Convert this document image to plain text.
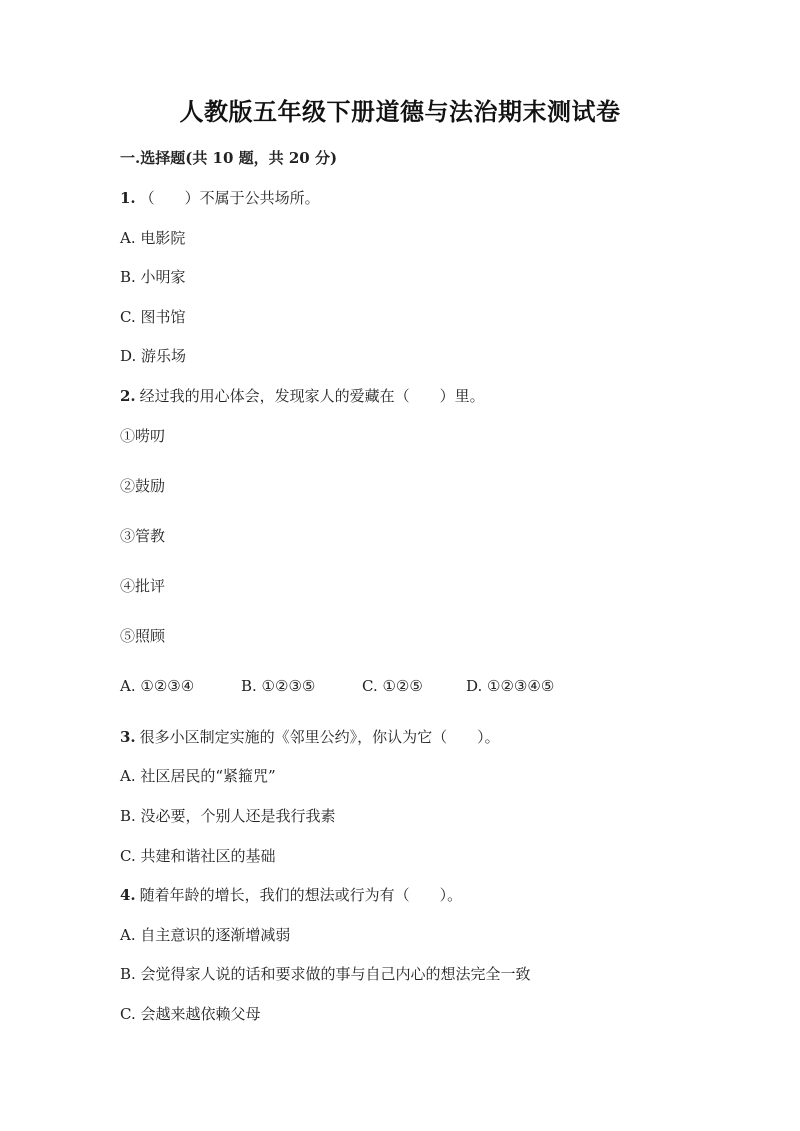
人教版五年级下册道德与法治期末测试卷
一.选择题(共 10 题，共 20 分)
1. （　　）不属于公共场所。
A. 电影院
B. 小明家
C. 图书馆
D. 游乐场
2. 经过我的用心体会，发现家人的爱藏在（　　）里。
①唠叨
②鼓励
③管教
④批评
⑤照顾
A. ①②③④	B. ①②③⑤	C. ①②⑤	D. ①②③④⑤
3. 很多小区制定实施的《邻里公约》，你认为它（　　）。
A. 社区居民的“紧箍咒”
B. 没必要，个别人还是我行我素
C. 共建和谐社区的基础
4. 随着年龄的增长，我们的想法或行为有（　　）。
A. 自主意识的逐渐增减弱
B. 会觉得家人说的话和要求做的事与自己内心的想法完全一致
C. 会越来越依赖父母
